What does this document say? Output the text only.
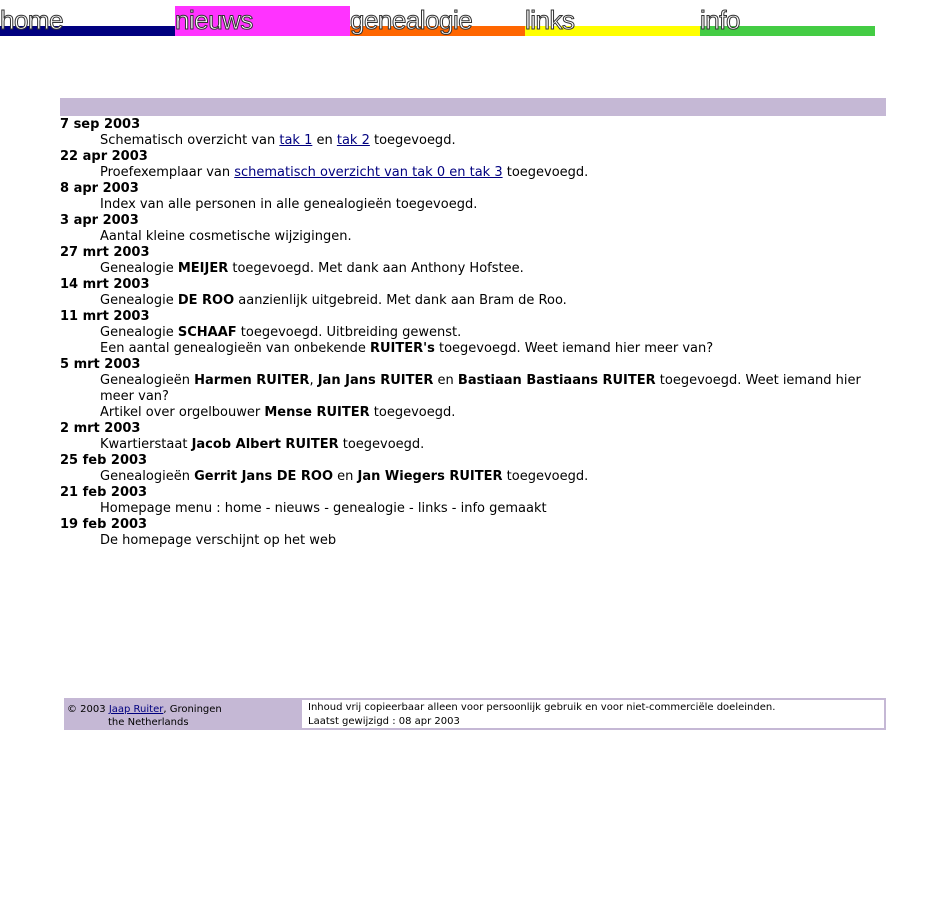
home	nieuws	genealogie links	info
7 sep 2003
Schematisch overzicht van tak 1 en tak 2 toegevoegd.
22 apr 2003
Proefexemplaar van schematisch overzicht van tak 0 en tak 3 toegevoegd.
8 apr 2003
Index van alle personen in alle genealogieën toegevoegd.
3 apr 2003
Aantal kleine cosmetische wijzigingen.
27 mrt 2003
Genealogie MEIJER toegevoegd. Met dank aan Anthony Hofstee.
14 mrt 2003
Genealogie DE ROO aanzienlijk uitgebreid. Met dank aan Bram de Roo.
11 mrt 2003
Genealogie SCHAAF toegevoegd. Uitbreiding gewenst.
Een aantal genealogieën van onbekende RUITER's toegevoegd. Weet iemand hier meer van?
5 mrt 2003
Genealogieën Harmen RUITER, Jan Jans RUITER en Bastiaan Bastiaans RUITER toegevoegd. Weet iemand hier meer van?
Artikel over orgelbouwer Mense RUITER toegevoegd.
2 mrt 2003
Kwartierstaat Jacob Albert RUITER toegevoegd.
25 feb 2003
Genealogieën Gerrit Jans DE ROO en Jan Wiegers RUITER toegevoegd.
21 feb 2003
Homepage menu : home - nieuws - genealogie - links - info gemaakt
19 feb 2003
De homepage verschijnt op het web
© 2003 Jaap Ruiter, Groningen
the Netherlands
Inhoud vrij copieerbaar alleen voor persoonlijk gebruik en voor niet-commerciële doeleinden.
Laatst gewijzigd : 08 apr 2003
